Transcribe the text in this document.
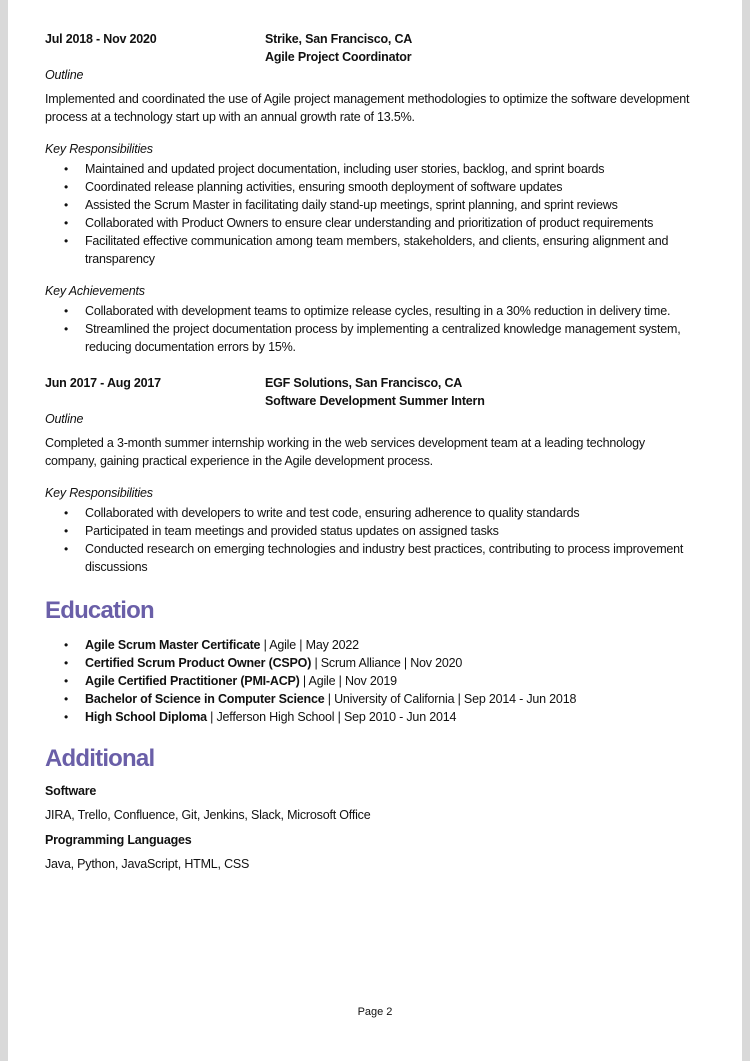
Jul 2018 - Nov 2020	Strike, San Francisco, CA
Agile Project Coordinator

Outline

Implemented and coordinated the use of Agile project management methodologies to optimize the software development process at a technology start up with an annual growth rate of 13.5%.

Key Responsibilities

• Maintained and updated project documentation, including user stories, backlog, and sprint boards
• Coordinated release planning activities, ensuring smooth deployment of software updates
• Assisted the Scrum Master in facilitating daily stand-up meetings, sprint planning, and sprint reviews
• Collaborated with Product Owners to ensure clear understanding and prioritization of product requirements
• Facilitated effective communication among team members, stakeholders, and clients, ensuring alignment and transparency

Key Achievements

• Collaborated with development teams to optimize release cycles, resulting in a 30% reduction in delivery time.
• Streamlined the project documentation process by implementing a centralized knowledge management system, reducing documentation errors by 15%.
Jun 2017 - Aug 2017	EGF Solutions, San Francisco, CA
Software Development Summer Intern

Outline

Completed a 3-month summer internship working in the web services development team at a leading technology company, gaining practical experience in the Agile development process.

Key Responsibilities

• Collaborated with developers to write and test code, ensuring adherence to quality standards
• Participated in team meetings and provided status updates on assigned tasks
• Conducted research on emerging technologies and industry best practices, contributing to process improvement discussions
Education
• Agile Scrum Master Certificate | Agile | May 2022
• Certified Scrum Product Owner (CSPO) | Scrum Alliance | Nov 2020
• Agile Certified Practitioner (PMI-ACP) | Agile | Nov 2019
• Bachelor of Science in Computer Science | University of California | Sep 2014 - Jun 2018
• High School Diploma | Jefferson High School | Sep 2010 - Jun 2014
Additional

Software

JIRA, Trello, Confluence, Git, Jenkins, Slack, Microsoft Office

Programming Languages

Java, Python, JavaScript, HTML, CSS

Page 2
